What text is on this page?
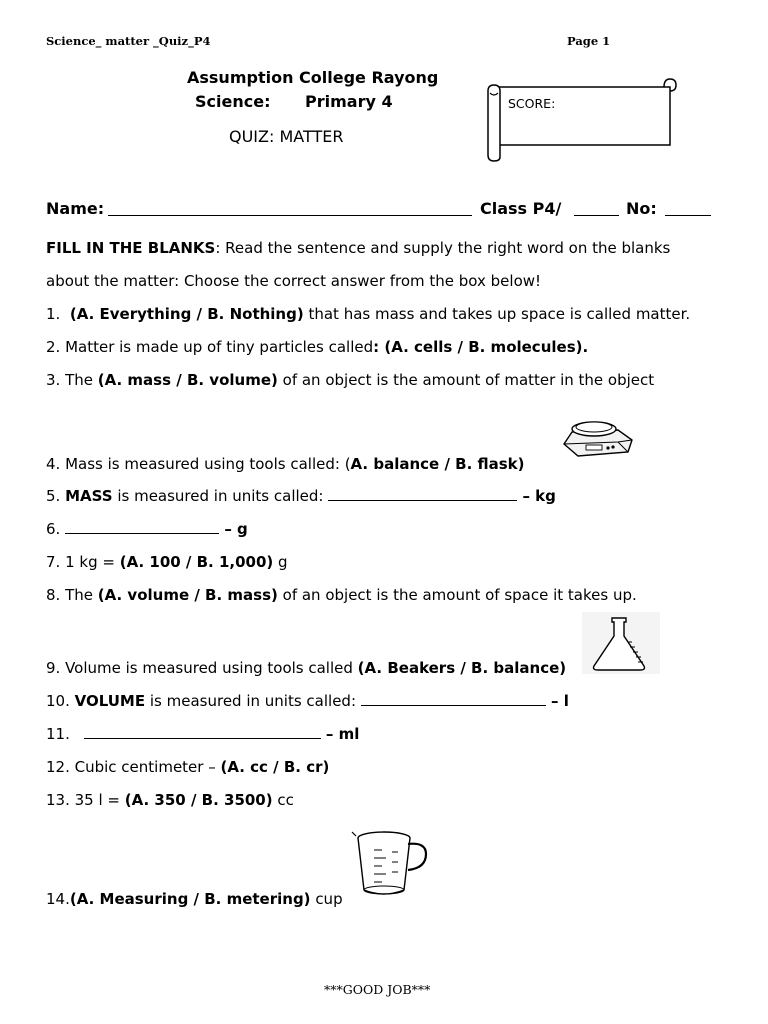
Science_ matter _Quiz_P4	Page 1
Assumption College Rayong
Science: Primary 4
QUIZ: MATTER
SCORE:
Name:	Class P4/	No:
FILL IN THE BLANKS: Read the sentence and supply the right word on the blanks
about the matter: Choose the correct answer from the box below!
1. (A. Everything / B. Nothing) that has mass and takes up space is called matter.
2. Matter is made up of tiny particles called: (A. cells / B. molecules).
3. The (A. mass / B. volume) of an object is the amount of matter in the object
4. Mass is measured using tools called: (A. balance / B. flask)
5. MASS is measured in units called:	– kg
6.	– g
7. 1 kg = (A. 100 / B. 1,000) g
8. The (A. volume / B. mass) of an object is the amount of space it takes up.
9. Volume is measured using tools called (A. Beakers / B. balance)
10. VOLUME is measured in units called:	– l
11.	– ml
12. Cubic centimeter – (A. cc / B. cr)
13. 35 l = (A. 350 / B. 3500) cc
14.(A. Measuring / B. metering) cup
***GOOD JOB***
